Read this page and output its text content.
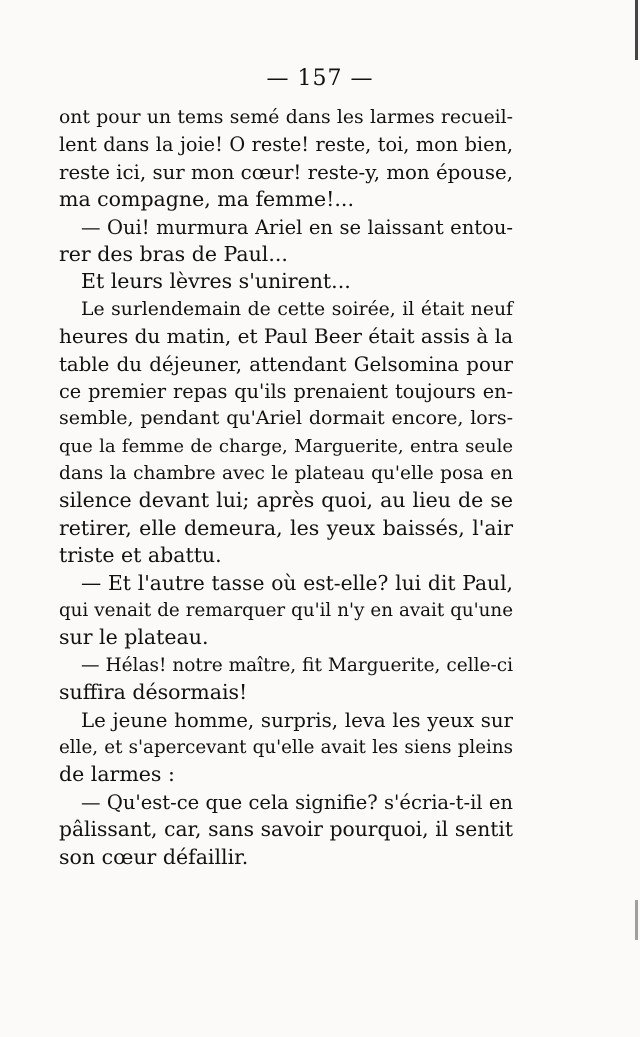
— 157 —
ont pour un tems semé dans les larmes recueil-
lent dans la joie! O reste! reste, toi, mon bien,
reste ici, sur mon cœur! reste-y, mon épouse,
ma compagne, ma femme!...
— Oui! murmura Ariel en se laissant entou-
rer des bras de Paul...
Et leurs lèvres s'unirent...
Le surlendemain de cette soirée, il était neuf
heures du matin, et Paul Beer était assis à la
table du déjeuner, attendant Gelsomina pour
ce premier repas qu'ils prenaient toujours en-
semble, pendant qu'Ariel dormait encore, lors-
que la femme de charge, Marguerite, entra seule
dans la chambre avec le plateau qu'elle posa en
silence devant lui; après quoi, au lieu de se
retirer, elle demeura, les yeux baissés, l'air
triste et abattu.
— Et l'autre tasse où est-elle? lui dit Paul,
qui venait de remarquer qu'il n'y en avait qu'une
sur le plateau.
— Hélas! notre maître, fit Marguerite, celle-ci
suffira désormais!
Le jeune homme, surpris, leva les yeux sur
elle, et s'apercevant qu'elle avait les siens pleins
de larmes :
— Qu'est-ce que cela signifie? s'écria-t-il en
pâlissant, car, sans savoir pourquoi, il sentit
son cœur défaillir.
